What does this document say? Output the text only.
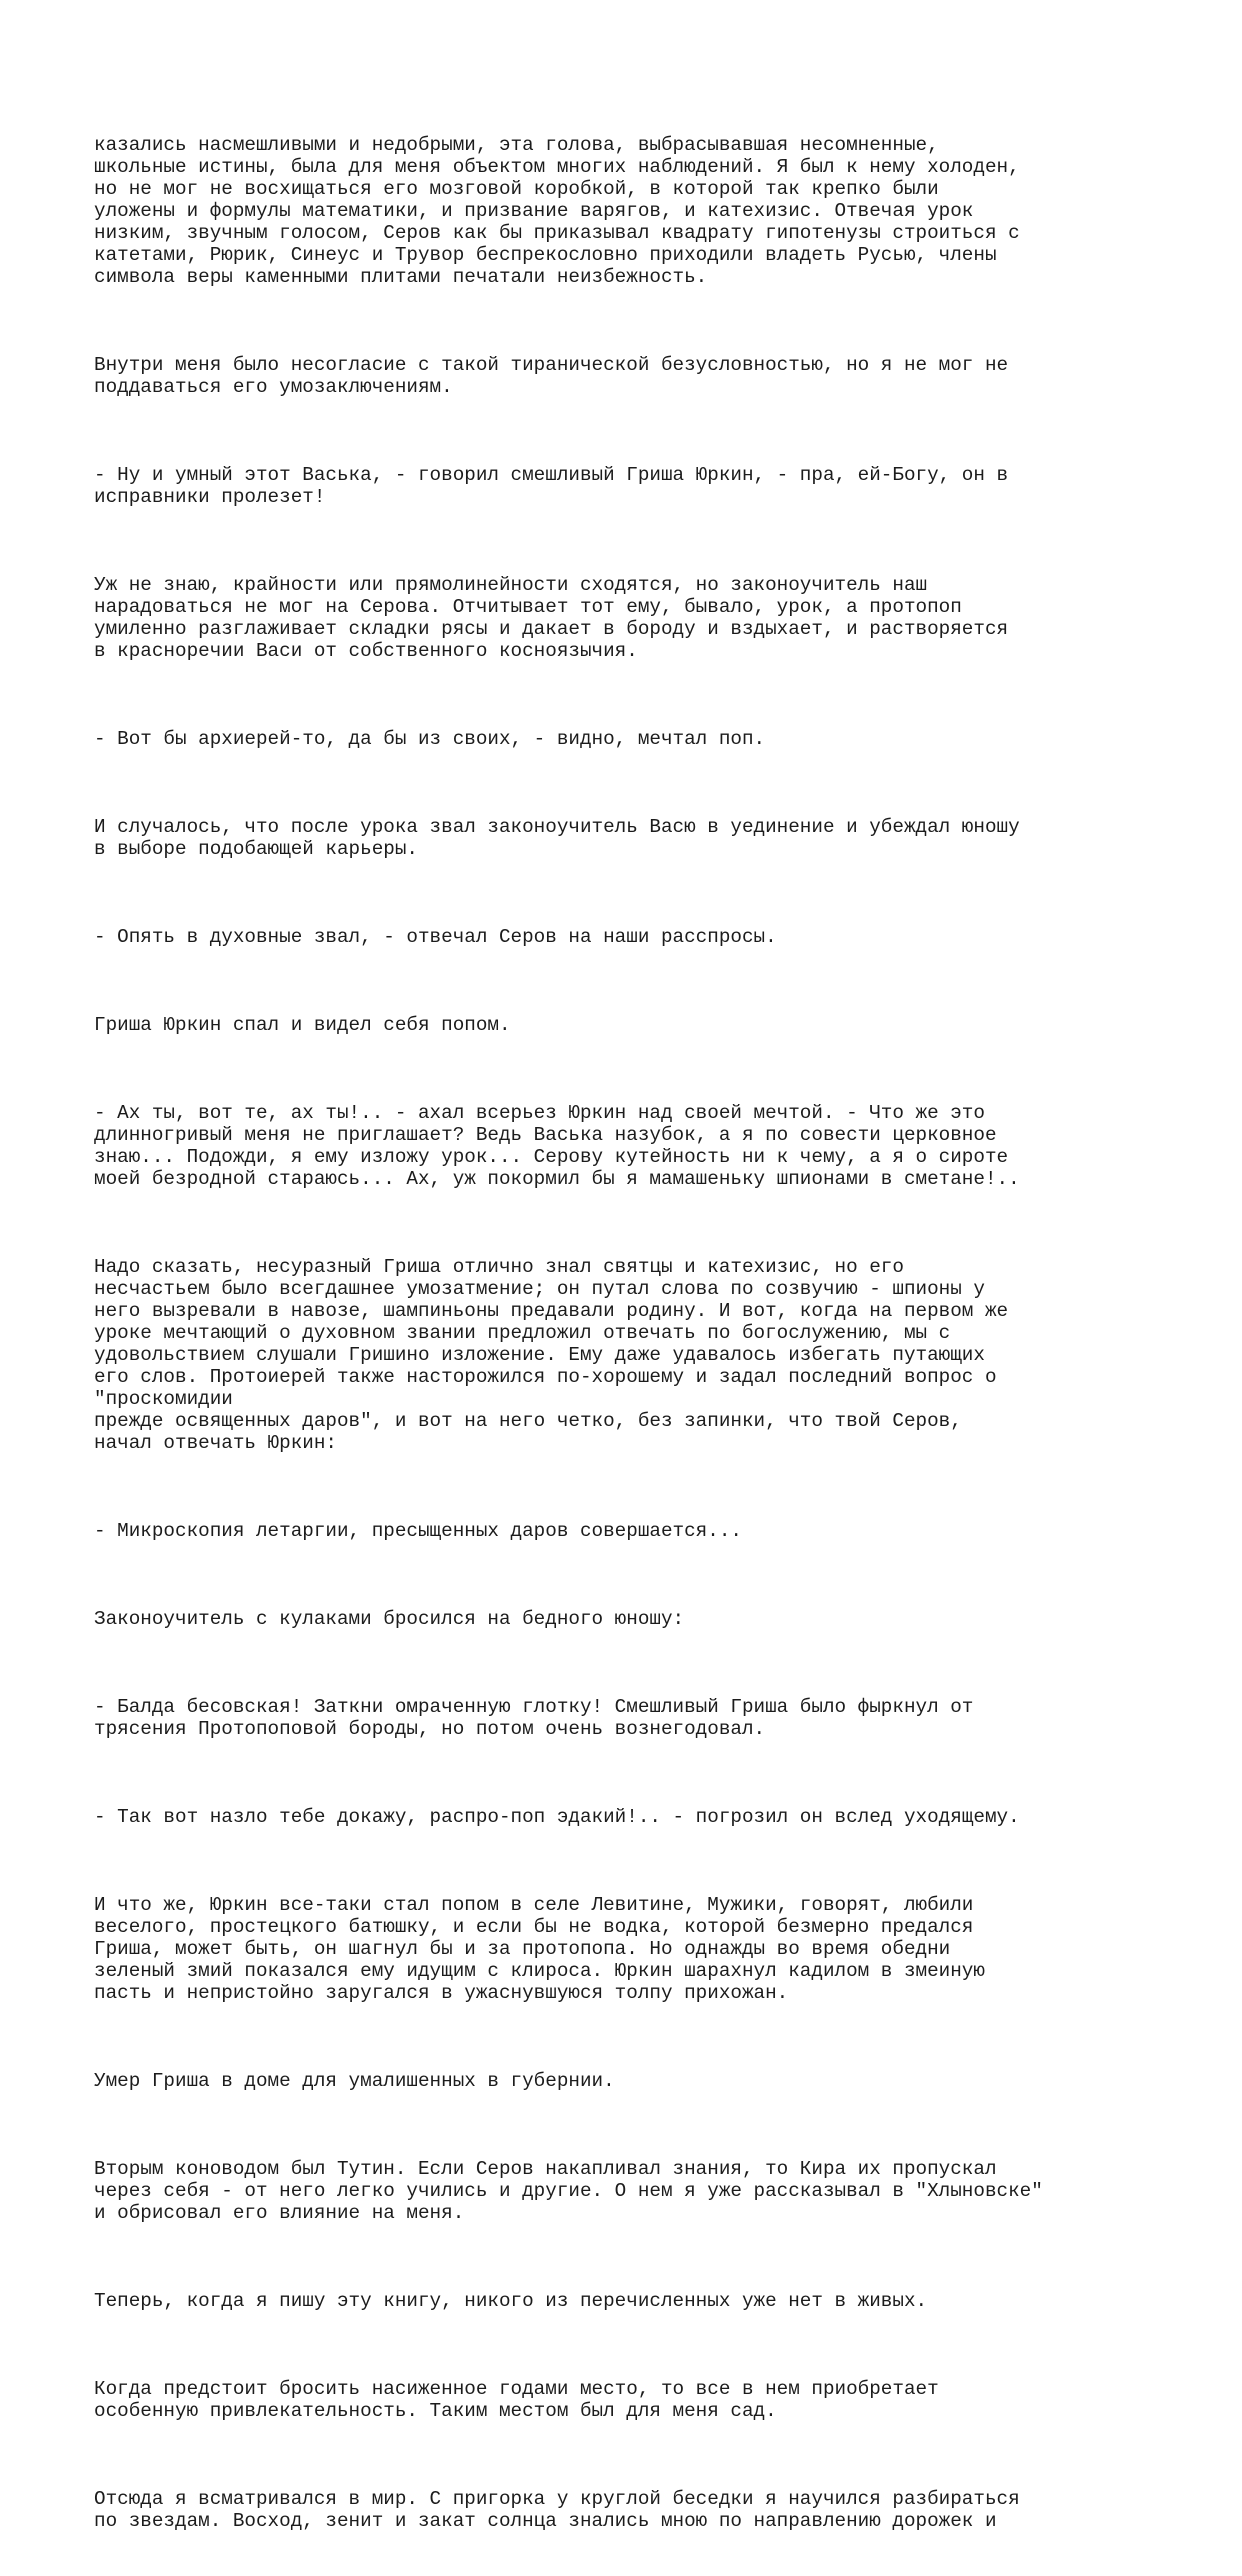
казались насмешливыми и недобрыми, эта голова, выбрасывавшая несомненные,
школьные истины, была для меня объектом многих наблюдений. Я был к нему холоден,
но не мог не восхищаться его мозговой коробкой, в которой так крепко были
уложены и формулы математики, и призвание варягов, и катехизис. Отвечая урок
низким, звучным голосом, Серов как бы приказывал квадрату гипотенузы строиться с
катетами, Рюрик, Синеус и Трувор беспрекословно приходили владеть Русью, члены
символа веры каменными плитами печатали неизбежность.

Внутри меня было несогласие с такой тиранической безусловностью, но я не мог не
поддаваться его умозаключениям.

- Ну и умный этот Васька, - говорил смешливый Гриша Юркин, - пра, ей-Богу, он в
исправники пролезет!

Уж не знаю, крайности или прямолинейности сходятся, но законоучитель наш
нарадоваться не мог на Серова. Отчитывает тот ему, бывало, урок, а протопоп
умиленно разглаживает складки рясы и дакает в бороду и вздыхает, и растворяется
в красноречии Васи от собственного косноязычия.

- Вот бы архиерей-то, да бы из своих, - видно, мечтал поп.

И случалось, что после урока звал законоучитель Васю в уединение и убеждал юношу
в выборе подобающей карьеры.

- Опять в духовные звал, - отвечал Серов на наши расспросы.

Гриша Юркин спал и видел себя попом.

- Ах ты, вот те, ах ты!.. - ахал всерьез Юркин над своей мечтой. - Что же это
длинногривый меня не приглашает? Ведь Васька назубок, а я по совести церковное
знаю... Подожди, я ему изложу урок... Серову кутейность ни к чему, а я о сироте
моей безродной стараюсь... Ах, уж покормил бы я мамашеньку шпионами в сметане!..

Надо сказать, несуразный Гриша отлично знал святцы и катехизис, но его
несчастьем было всегдашнее умозатмение; он путал слова по созвучию - шпионы у
него вызревали в навозе, шампиньоны предавали родину. И вот, когда на первом же
уроке мечтающий о духовном звании предложил отвечать по богослужению, мы с
удовольствием слушали Гришино изложение. Ему даже удавалось избегать путающих
его слов. Протоиерей также насторожился по-хорошему и задал последний вопрос о
"проскомидии
прежде освященных даров", и вот на него четко, без запинки, что твой Серов,
начал отвечать Юркин:

- Микроскопия летаргии, пресыщенных даров совершается...

Законоучитель с кулаками бросился на бедного юношу:

- Балда бесовская! Заткни омраченную глотку! Смешливый Гриша было фыркнул от
трясения Протопоповой бороды, но потом очень вознегодовал.

- Так вот назло тебе докажу, распро-поп эдакий!.. - погрозил он вслед уходящему.

И что же, Юркин все-таки стал попом в селе Левитине, Мужики, говорят, любили
веселого, простецкого батюшку, и если бы не водка, которой безмерно предался
Гриша, может быть, он шагнул бы и за протопопа. Но однажды во время обедни
зеленый змий показался ему идущим с клироса. Юркин шарахнул кадилом в змеиную
пасть и непристойно заругался в ужаснувшуюся толпу прихожан.

Умер Гриша в доме для умалишенных в губернии.

Вторым коноводом был Тутин. Если Серов накапливал знания, то Кира их пропускал
через себя - от него легко учились и другие. О нем я уже рассказывал в "Хлыновске"
и обрисовал его влияние на меня.

Теперь, когда я пишу эту книгу, никого из перечисленных уже нет в живых.

Когда предстоит бросить насиженное годами место, то все в нем приобретает
особенную привлекательность. Таким местом был для меня сад.

Отсюда я всматривался в мир. С пригорка у круглой беседки я научился разбираться
по звездам. Восход, зенит и закат солнца знались мною по направлению дорожек и
